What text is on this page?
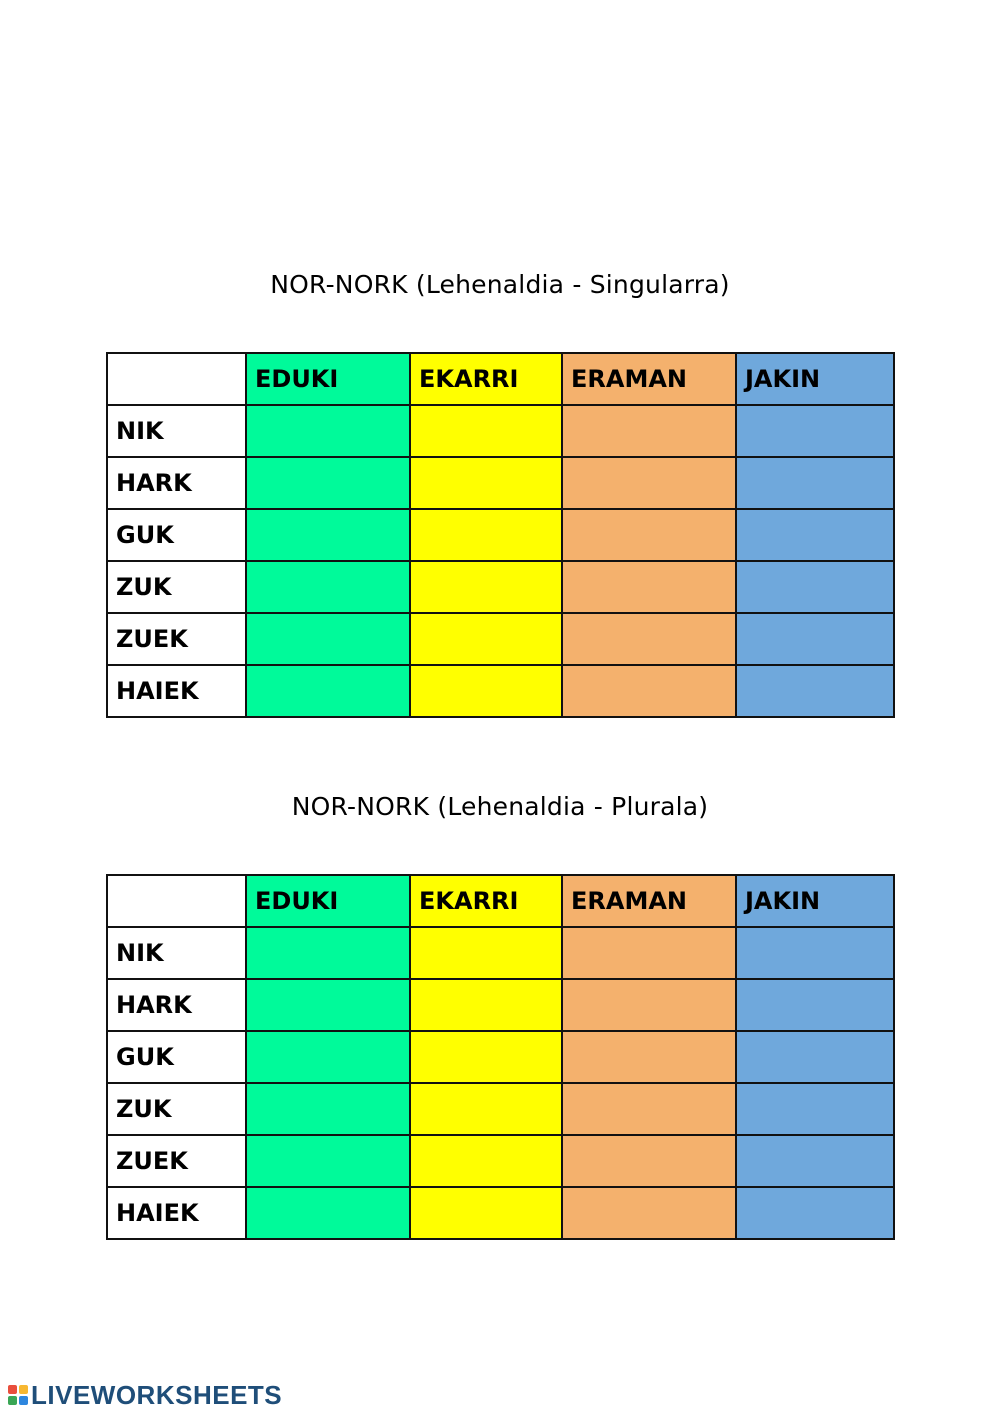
NOR-NORK (Lehenaldia - Singularra)
	EDUKI	EKARRI	ERAMAN	JAKIN
NIK				
HARK				
GUK				
ZUK				
ZUEK				
HAIEK				
NOR-NORK (Lehenaldia - Plurala)
	EDUKI	EKARRI	ERAMAN	JAKIN
NIK				
HARK				
GUK				
ZUK				
ZUEK				
HAIEK				
LIVEWORKSHEETS
